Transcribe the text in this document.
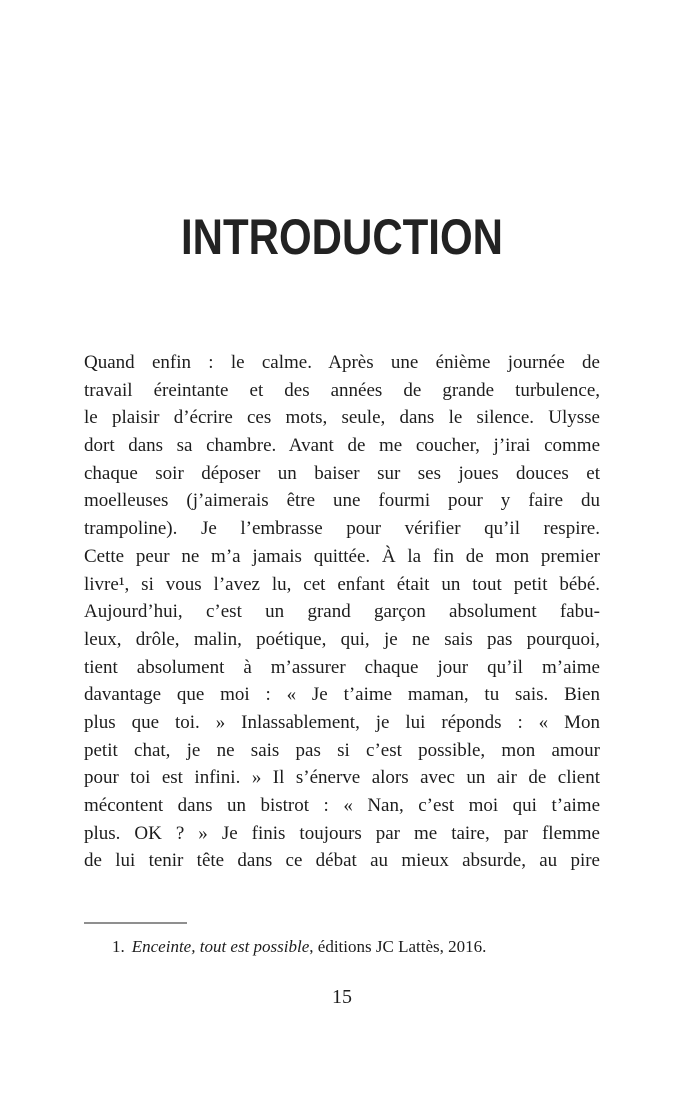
INTRODUCTION
Quand enfin : le calme. Après une énième journée de
travail éreintante et des années de grande turbulence,
le plaisir d’écrire ces mots, seule, dans le silence. Ulysse
dort dans sa chambre. Avant de me coucher, j’irai comme
chaque soir déposer un baiser sur ses joues douces et
moelleuses (j’aimerais être une fourmi pour y faire du
trampoline). Je l’embrasse pour vérifier qu’il respire.
Cette peur ne m’a jamais quittée. À la fin de mon premier
livre¹, si vous l’avez lu, cet enfant était un tout petit bébé.
Aujourd’hui, c’est un grand garçon absolument fabu-
leux, drôle, malin, poétique, qui, je ne sais pas pourquoi,
tient absolument à m’assurer chaque jour qu’il m’aime
davantage que moi : « Je t’aime maman, tu sais. Bien
plus que toi. » Inlassablement, je lui réponds : « Mon
petit chat, je ne sais pas si c’est possible, mon amour
pour toi est infini. » Il s’énerve alors avec un air de client
mécontent dans un bistrot : « Nan, c’est moi qui t’aime
plus. OK ? » Je finis toujours par me taire, par flemme
de lui tenir tête dans ce débat au mieux absurde, au pire
1. Enceinte, tout est possible, éditions JC Lattès, 2016.
15
